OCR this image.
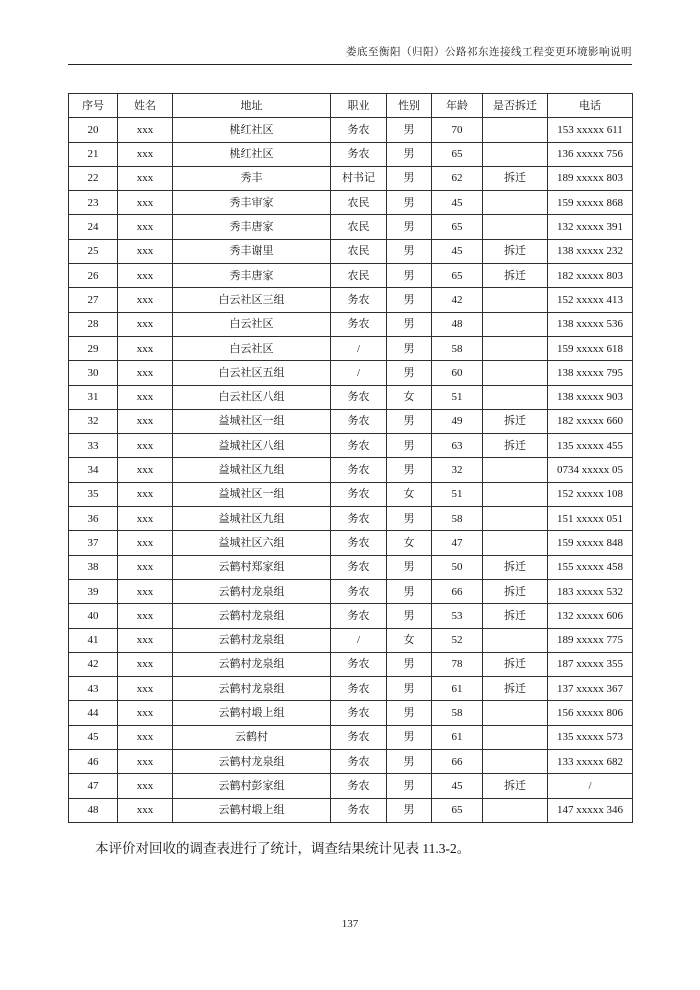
娄底至衡阳（归阳）公路祁东连接线工程变更环境影响说明
序号	姓名	地址	职业	性别	年龄	是否拆迁	电话
20	xxx	桃红社区	务农	男	70		153 xxxxx 611
21	xxx	桃红社区	务农	男	65		136 xxxxx 756
22	xxx	秀丰	村书记	男	62	拆迁	189 xxxxx 803
23	xxx	秀丰审家	农民	男	45		159 xxxxx 868
24	xxx	秀丰唐家	农民	男	65		132 xxxxx 391
25	xxx	秀丰谢里	农民	男	45	拆迁	138 xxxxx 232
26	xxx	秀丰唐家	农民	男	65	拆迁	182 xxxxx 803
27	xxx	白云社区三组	务农	男	42		152 xxxxx 413
28	xxx	白云社区	务农	男	48		138 xxxxx 536
29	xxx	白云社区	/	男	58		159 xxxxx 618
30	xxx	白云社区五组	/	男	60		138 xxxxx 795
31	xxx	白云社区八组	务农	女	51		138 xxxxx 903
32	xxx	益城社区一组	务农	男	49	拆迁	182 xxxxx 660
33	xxx	益城社区八组	务农	男	63	拆迁	135 xxxxx 455
34	xxx	益城社区九组	务农	男	32		0734 xxxxx 05
35	xxx	益城社区一组	务农	女	51		152 xxxxx 108
36	xxx	益城社区九组	务农	男	58		151 xxxxx 051
37	xxx	益城社区六组	务农	女	47		159 xxxxx 848
38	xxx	云鹤村郑家组	务农	男	50	拆迁	155 xxxxx 458
39	xxx	云鹤村龙泉组	务农	男	66	拆迁	183 xxxxx 532
40	xxx	云鹤村龙泉组	务农	男	53	拆迁	132 xxxxx 606
41	xxx	云鹤村龙泉组	/	女	52		189 xxxxx 775
42	xxx	云鹤村龙泉组	务农	男	78	拆迁	187 xxxxx 355
43	xxx	云鹤村龙泉组	务农	男	61	拆迁	137 xxxxx 367
44	xxx	云鹤村塅上组	务农	男	58		156 xxxxx 806
45	xxx	云鹤村	务农	男	61		135 xxxxx 573
46	xxx	云鹤村龙泉组	务农	男	66		133 xxxxx 682
47	xxx	云鹤村彭家组	务农	男	45	拆迁	/
48	xxx	云鹤村塅上组	务农	男	65		147 xxxxx 346

本评价对回收的调查表进行了统计，调查结果统计见表 11.3-2。

137
